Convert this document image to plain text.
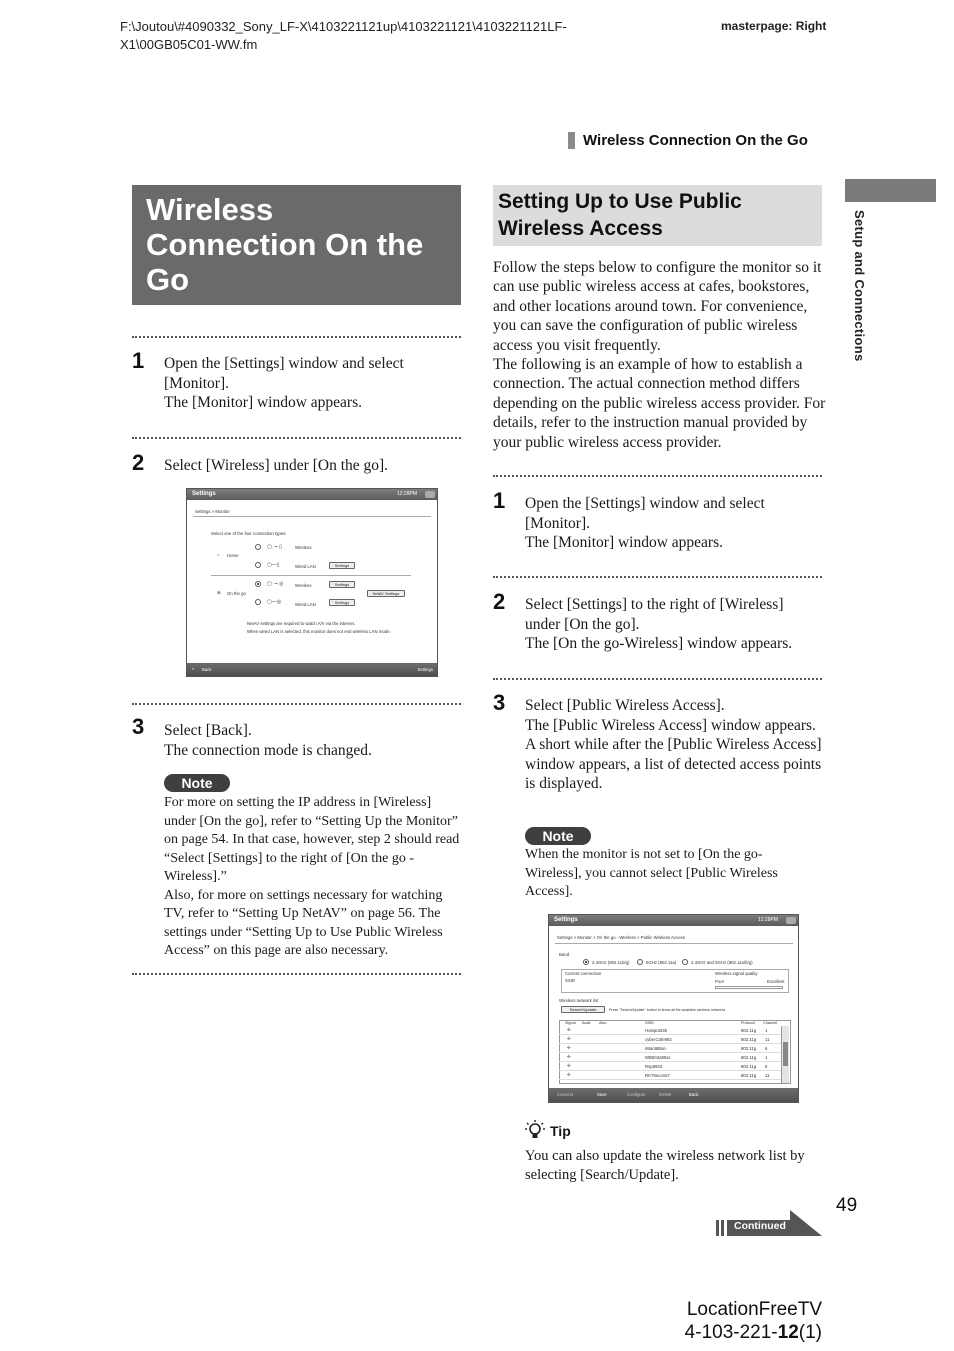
F:\Joutou\#4090332_Sony_LF-X\4103221121up\4103221121\4103221121LF-X1\00GB05C01-WW.fm
masterpage: Right
Wireless Connection On the Go
Setup and Connections
Wireless Connection On the Go
1 Open the [Settings] window and select [Monitor].
The [Monitor] window appears.
2 Select [Wireless] under [On the go].
Settings	12:28PM
Settings > Monitor
Select one of the four connection types:
⌂ Home
▢ ·⌁ ▯	Wireless
▢—▯	Wired LAN	Settings
⊕ On the go
▢ ·⌁ ◎	Wireless	Settings
NetAV Settings
▢—◎	Wired LAN	Settings
NetAV settings are required to watch A/V via the internet.
When wired LAN is selected, this monitor does not end wireless LAN mode.
◐ Back	Settings
3 Select [Back].
The connection mode is changed.
Note

For more on setting the IP address in [Wireless] under [On the go], refer to “Setting Up the Monitor” on page 54. In that case, however, step 2 should read “Select [Settings] to the right of [On the go - Wireless].”

Also, for more on settings necessary for watching TV, refer to “Setting Up NetAV” on page 56. The settings under “Setting Up to Use Public Wireless Access” on this page are also necessary.

Setting Up to Use Public Wireless Access

Follow the steps below to configure the monitor so it can use public wireless access at cafes, bookstores, and other locations around town. For convenience, you can save the configuration of public wireless access you visit frequently.

The following is an example of how to establish a connection. The actual connection method differs depending on the public wireless access provider. For details, refer to the instruction manual provided by your public wireless access provider.

1 Open the [Settings] window and select [Monitor].
The [Monitor] window appears.
2 Select [Settings] to the right of [Wireless] under [On the go].
The [On the go-Wireless] window appears.
3 Select [Public Wireless Access].
The [Public Wireless Access] window appears.
A short while after the [Public Wireless Access] window appears, a list of detected access points is displayed.
Note
When the monitor is not set to [On the go-Wireless], you cannot select [Public Wireless Access].
Settings	12:28PM
Settings > Monitor > On the go - Wireless > Public Wireless Access
Band
2.4GHz (802.11b/g)	5GHz (802.11a)	2.4GHz and 5GHz (802.11a/b/g)
Current connection
SSID
Wireless signal quality
Poor	Excellent
Wireless network list
Search/Update	Press "Search/Update" button to show all the available wireless networks.
Signal Avail. Also	SSID	Protocol Channel
✢	Hotspot335	802.11g 1
✢	cyberCafe982	802.11g 11
✢	iWant6Ban	802.11g 6
✢	WB502a95ss	802.11g 1
✢	Rsp8920	802.11g 6
✢	RK79econ57	802.11g 11
Connect	Save	Configure	Delete	Back
Tip
You can also update the wireless network list by selecting [Search/Update].
49
Continued
LocationFreeTV
4-103-221-12(1)
